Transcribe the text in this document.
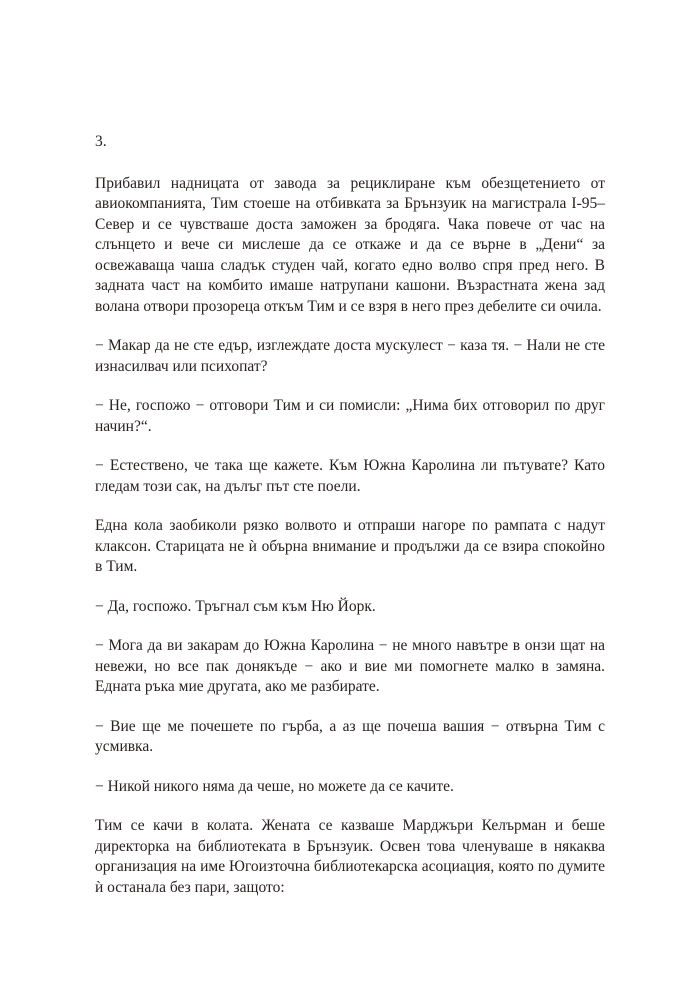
3.

Прибавил надницата от завода за рециклиране към обезщетението от авиокомпанията, Тим стоеше на отбивката за Брънзуик на магистрала I-95–Север и се чувстваше доста заможен за бродяга. Чака повече от час на слънцето и вече си мислеше да се откаже и да се върне в „Дени“ за освежаваща чаша сладък студен чай, когато едно волво спря пред него. В задната част на комбито имаше натрупани кашони. Възрастната жена зад волана отвори прозореца откъм Тим и се взря в него през дебелите си очила.

− Макар да не сте едър, изглеждате доста мускулест − каза тя. − Нали не сте изнасилвач или психопат?

− Не, госпожо − отговори Тим и си помисли: „Нима бих отговорил по друг начин?“.

− Естествено, че така ще кажете. Към Южна Каролина ли пътувате? Като гледам този сак, на дълъг път сте поели.

Една кола заобиколи рязко волвото и отпраши нагоре по рампата с надут клаксон. Старицата не ѝ обърна внимание и продължи да се взира спокойно в Тим.

− Да, госпожо. Тръгнал съм към Ню Йорк.

− Мога да ви закарам до Южна Каролина − не много навътре в онзи щат на невежи, но все пак донякъде − ако и вие ми помогнете малко в замяна. Едната ръка мие другата, ако ме разбирате.

− Вие ще ме почешете по гърба, а аз ще почеша вашия − отвърна Тим с усмивка.

− Никой никого няма да чеше, но можете да се качите.

Тим се качи в колата. Жената се казваше Марджъри Келърман и беше директорка на библиотеката в Брънзуик. Освен това членуваше в някаква организация на име Югоизточна библиотекарска асоциация, която по думите ѝ останала без пари, защото:
